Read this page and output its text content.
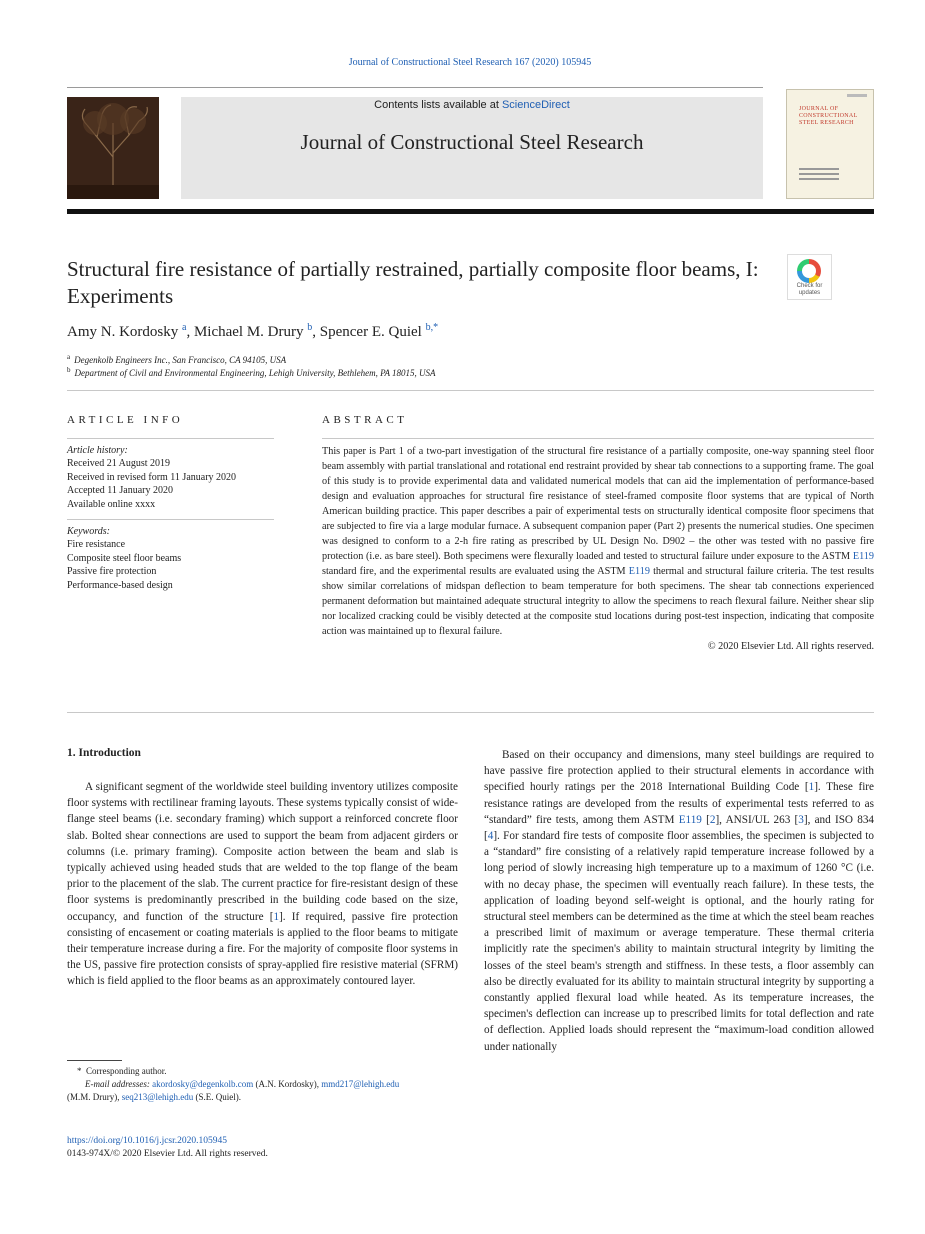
Journal of Constructional Steel Research 167 (2020) 105945
Contents lists available at ScienceDirect
Journal of Constructional Steel Research
JOURNAL OF CONSTRUCTIONAL STEEL RESEARCH
Structural fire resistance of partially restrained, partially composite floor beams, I: Experiments	Check for
updates
Amy N. Kordosky $^a$, Michael M. Drury $^b$, Spencer E. Quiel $^{b,*}$
$^a$ Degenkolb Engineers Inc., San Francisco, CA 94105, USA
$^b$ Department of Civil and Environmental Engineering, Lehigh University, Bethlehem, PA 18015, USA
ARTICLE INFO	ABSTRACT
Article history:
Received 21 August 2019
Received in revised form 11 January 2020
Accepted 11 January 2020
Available online xxxx
Keywords:
Fire resistance
Composite steel floor beams
Passive fire protection
Performance-based design
This paper is Part 1 of a two-part investigation of the structural fire resistance of a partially composite, one-way spanning steel floor beam assembly with partial translational and rotational end restraint provided by shear tab connections to a supporting frame. The goal of this study is to provide experimental data and validated numerical models that can aid the implementation of performance-based design and evaluation approaches for structural fire resistance of steel-framed composite floor systems that are typical of North American building practice. This paper describes a pair of experimental tests on structurally identical composite floor specimens that are subjected to fire via a large modular furnace. A subsequent companion paper (Part 2) presents the numerical studies. One specimen was designed to conform to a 2-h fire rating as prescribed by UL Design No. D902 – the other was tested with no passive fire protection (i.e. as bare steel). Both specimens were flexurally loaded and tested to structural failure under exposure to the ASTM E119 standard fire, and the experimental results are evaluated using the ASTM E119 thermal and structural failure criteria. The test results show similar correlations of midspan deflection to beam temperature for both specimens. The shear tab connections experienced permanent deformation but maintained adequate structural integrity to allow the specimens to reach flexural failure. Neither shear slip nor localized cracking could be visibly detected at the composite stud locations during post-test inspection, indicating that composite action was maintained up to flexural failure.
© 2020 Elsevier Ltd. All rights reserved.
1. Introduction

A significant segment of the worldwide steel building inventory utilizes composite floor systems with rectilinear framing layouts. These systems typically consist of wide-flange steel beams (i.e. secondary framing) which support a reinforced concrete floor slab. Bolted shear connections are used to support the beam from adjacent girders or columns (i.e. primary framing). Composite action between the beam and slab is typically achieved using headed studs that are welded to the top flange of the beam prior to the placement of the slab. The current practice for fire-resistant design of these floor systems is predominantly prescribed in the building code based on the size, occupancy, and function of the structure [1]. If required, passive fire protection consisting of encasement or coating materials is applied to the floor beams to mitigate their temperature increase during a fire. For the majority of composite floor systems in the US, passive fire protection consists of spray-applied fire resistive material (SFRM) which is field applied to the floor beams as an approximately contoured layer.

Based on their occupancy and dimensions, many steel buildings are required to have passive fire protection applied to their structural elements in accordance with specified hourly ratings per the 2018 International Building Code [1]. These fire resistance ratings are developed from the results of experimental tests referred to as “standard” fire tests, among them ASTM E119 [2], ANSI/UL 263 [3], and ISO 834 [4]. For standard fire tests of composite floor assemblies, the specimen is subjected to a “standard” fire consisting of a relatively rapid temperature increase followed by a long period of slowly increasing high temperature up to a maximum of 1260 °C (i.e. with no decay phase, the specimen will eventually reach failure). In these tests, the application of loading beyond self-weight is optional, and the hourly rating for structural steel members can be determined as the time at which the steel beam reaches a prescribed limit of maximum or average temperature. These thermal criteria implicitly rate the specimen's ability to maintain structural integrity by limiting the losses of the steel beam's strength and stiffness. In these tests, a floor assembly can also be directly evaluated for its ability to maintain structural integrity by supporting a constantly applied flexural load while heated. As its temperature increases, the specimen's deflection can increase up to prescribed limits for total deflection and rate of deflection. Applied loads should represent the “maximum-load condition allowed under nationally

* Corresponding author.
E-mail addresses: akordosky@degenkolb.com (A.N. Kordosky), mmd217@lehigh.edu
(M.M. Drury), seq213@lehigh.edu (S.E. Quiel).
https://doi.org/10.1016/j.jcsr.2020.105945
0143-974X/© 2020 Elsevier Ltd. All rights reserved.
